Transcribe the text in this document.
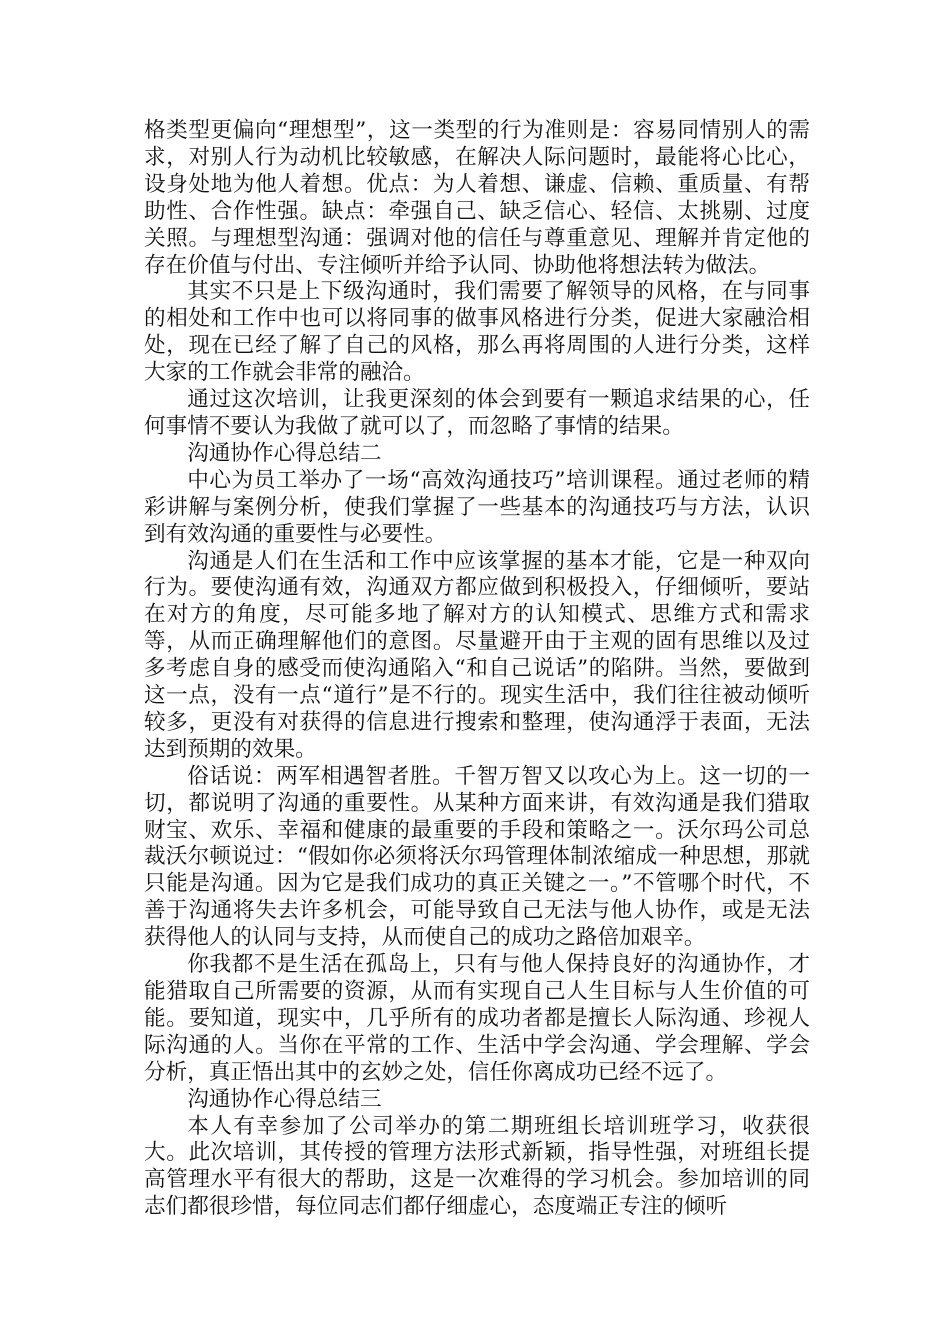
格类型更偏向“理想型”，这一类型的行为准则是：容易同情别人的需求，对别人行为动机比较敏感，在解决人际问题时，最能将心比心，设身处地为他人着想。优点：为人着想、谦虚、信赖、重质量、有帮助性、合作性强。缺点：牵强自己、缺乏信心、轻信、太挑剔、过度关照。与理想型沟通：强调对他的信任与尊重意见、理解并肯定他的存在价值与付出、专注倾听并给予认同、协助他将想法转为做法。

其实不只是上下级沟通时，我们需要了解领导的风格，在与同事的相处和工作中也可以将同事的做事风格进行分类，促进大家融洽相处，现在已经了解了自己的风格，那么再将周围的人进行分类，这样大家的工作就会非常的融洽。

通过这次培训，让我更深刻的体会到要有一颗追求结果的心，任何事情不要认为我做了就可以了，而忽略了事情的结果。

沟通协作心得总结二

中心为员工举办了一场“高效沟通技巧”培训课程。通过老师的精彩讲解与案例分析，使我们掌握了一些基本的沟通技巧与方法，认识到有效沟通的重要性与必要性。

沟通是人们在生活和工作中应该掌握的基本才能，它是一种双向行为。要使沟通有效，沟通双方都应做到积极投入，仔细倾听，要站在对方的角度，尽可能多地了解对方的认知模式、思维方式和需求等，从而正确理解他们的意图。尽量避开由于主观的固有思维以及过多考虑自身的感受而使沟通陷入“和自己说话”的陷阱。当然，要做到这一点，没有一点“道行”是不行的。现实生活中，我们往往被动倾听较多，更没有对获得的信息进行搜索和整理，使沟通浮于表面，无法达到预期的效果。

俗话说：两军相遇智者胜。千智万智又以攻心为上。这一切的一切，都说明了沟通的重要性。从某种方面来讲，有效沟通是我们猎取财宝、欢乐、幸福和健康的最重要的手段和策略之一。沃尔玛公司总裁沃尔顿说过：“假如你必须将沃尔玛管理体制浓缩成一种思想，那就只能是沟通。因为它是我们成功的真正关键之一。”不管哪个时代，不善于沟通将失去许多机会，可能导致自己无法与他人协作，或是无法获得他人的认同与支持，从而使自己的成功之路倍加艰辛。

你我都不是生活在孤岛上，只有与他人保持良好的沟通协作，才能猎取自己所需要的资源，从而有实现自己人生目标与人生价值的可能。要知道，现实中，几乎所有的成功者都是擅长人际沟通、珍视人际沟通的人。当你在平常的工作、生活中学会沟通、学会理解、学会分析，真正悟出其中的玄妙之处，信任你离成功已经不远了。

沟通协作心得总结三

本人有幸参加了公司举办的第二期班组长培训班学习，收获很大。此次培训，其传授的管理方法形式新颖，指导性强，对班组长提高管理水平有很大的帮助，这是一次难得的学习机会。参加培训的同志们都很珍惜，每位同志们都仔细虚心，态度端正专注的倾听
